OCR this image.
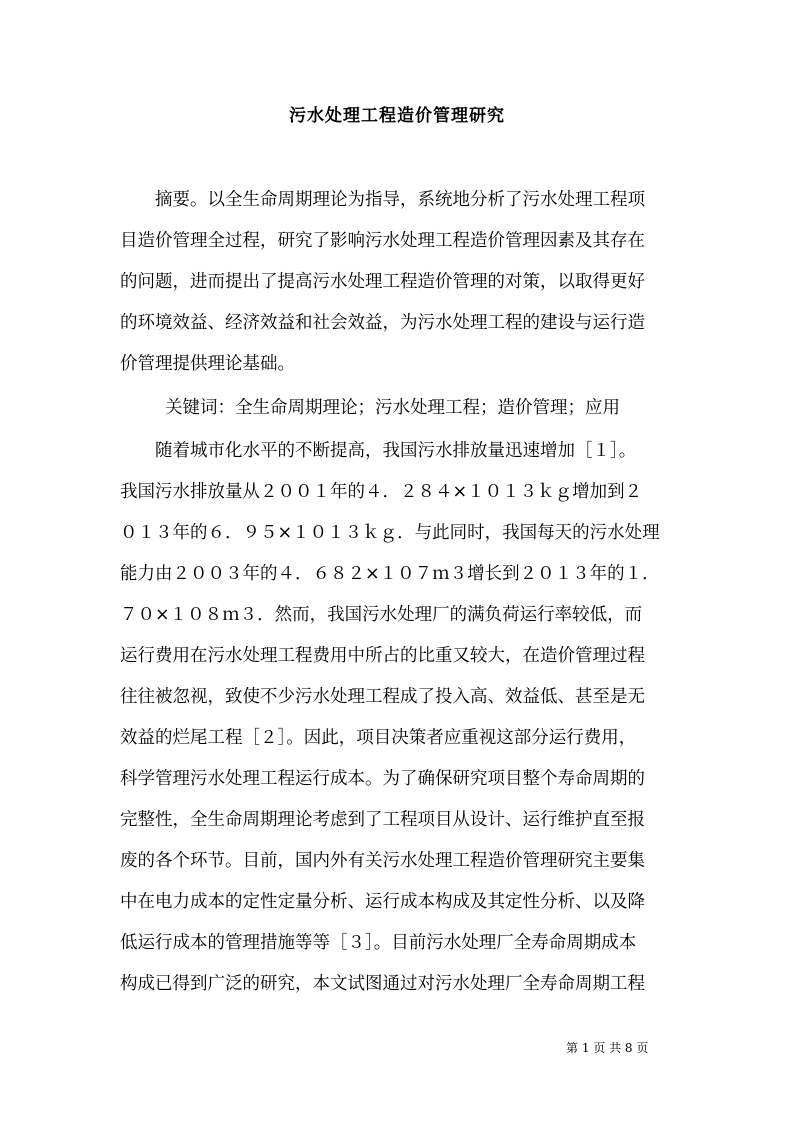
污水处理工程造价管理研究
摘要。以全生命周期理论为指导，系统地分析了污水处理工程项
目造价管理全过程，研究了影响污水处理工程造价管理因素及其存在
的问题，进而提出了提高污水处理工程造价管理的对策，以取得更好
的环境效益、经济效益和社会效益，为污水处理工程的建设与运行造
价管理提供理论基础。
关键词：全生命周期理论；污水处理工程；造价管理；应用
随着城市化水平的不断提高，我国污水排放量迅速增加［１］。
我国污水排放量从２００１年的４．２８４×１０１３ｋｇ增加到２
０１３年的６．９５×１０１３ｋｇ．与此同时，我国每天的污水处理
能力由２００３年的４．６８２×１０７ｍ３增长到２０１３年的１．
７０×１０８ｍ３．然而，我国污水处理厂的满负荷运行率较低，而
运行费用在污水处理工程费用中所占的比重又较大，在造价管理过程
往往被忽视，致使不少污水处理工程成了投入高、效益低、甚至是无
效益的烂尾工程［２］。因此，项目决策者应重视这部分运行费用，
科学管理污水处理工程运行成本。为了确保研究项目整个寿命周期的
完整性，全生命周期理论考虑到了工程项目从设计、运行维护直至报
废的各个环节。目前，国内外有关污水处理工程造价管理研究主要集
中在电力成本的定性定量分析、运行成本构成及其定性分析、以及降
低运行成本的管理措施等等［３］。目前污水处理厂全寿命周期成本
构成已得到广泛的研究，本文试图通过对污水处理厂全寿命周期工程
第 1 页 共 8 页
